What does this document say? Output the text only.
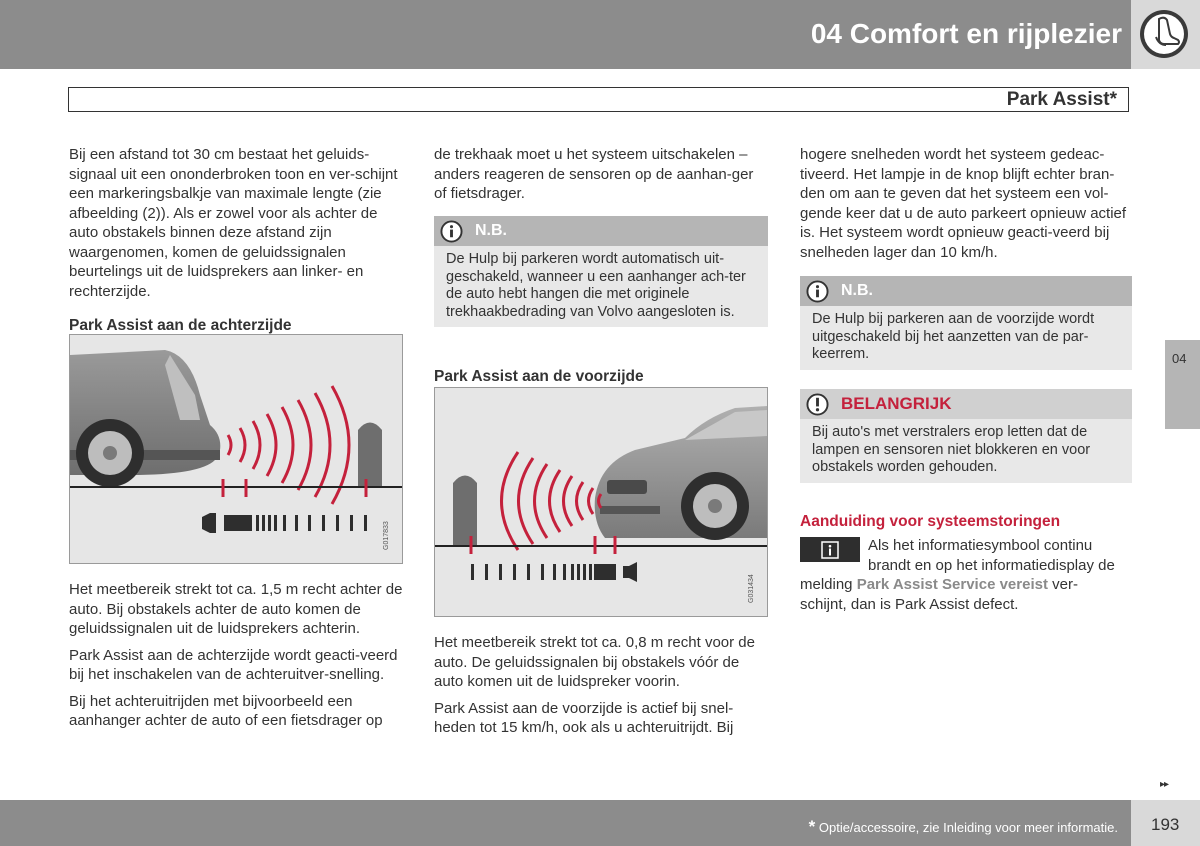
04 Comfort en rijplezier
Park Assist*

Bij een afstand tot 30 cm bestaat het geluids-signaal uit een ononderbroken toon en ver-schijnt een markeringsbalkje van maximale lengte (zie afbeelding (2)). Als er zowel voor als achter de auto obstakels binnen deze afstand zijn waargenomen, komen de geluidssignalen beurtelings uit de luidsprekers aan linker- en rechterzijde.

Park Assist aan de achterzijde

G017833

Het meetbereik strekt tot ca. 1,5 m recht achter de auto. Bij obstakels achter de auto komen de geluidssignalen uit de luidsprekers achterin.

Park Assist aan de achterzijde wordt geacti-veerd bij het inschakelen van de achteruitver-snelling.

Bij het achteruitrijden met bijvoorbeeld een aanhanger achter de auto of een fietsdrager op

de trekhaak moet u het systeem uitschakelen – anders reageren de sensoren op de aanhan-ger of fietsdrager.

N.B.
De Hulp bij parkeren wordt automatisch uit-geschakeld, wanneer u een aanhanger ach-ter de auto hebt hangen die met originele trekhaakbedrading van Volvo aangesloten is.

Park Assist aan de voorzijde

G031434

Het meetbereik strekt tot ca. 0,8 m recht voor de auto. De geluidssignalen bij obstakels vóór de auto komen uit de luidspreker voorin.

Park Assist aan de voorzijde is actief bij snel-heden tot 15 km/h, ook als u achteruitrijdt. Bij

hogere snelheden wordt het systeem gedeac-tiveerd. Het lampje in de knop blijft echter bran-den om aan te geven dat het systeem een vol-gende keer dat u de auto parkeert opnieuw actief is. Het systeem wordt opnieuw geacti-veerd bij snelheden lager dan 10 km/h.

N.B.
De Hulp bij parkeren aan de voorzijde wordt uitgeschakeld bij het aanzetten van de par-keerrem.
BELANGRIJK
Bij auto's met verstralers erop letten dat de lampen en sensoren niet blokkeren en voor obstakels worden gehouden.

Aanduiding voor systeemstoringen

Als het informatiesymbool continu

brandt en op het informatiedisplay de

melding Park Assist Service vereist ver-

schijnt, dan is Park Assist defect.

04
▸▸
* Optie/accessoire, zie Inleiding voor meer informatie. 193
